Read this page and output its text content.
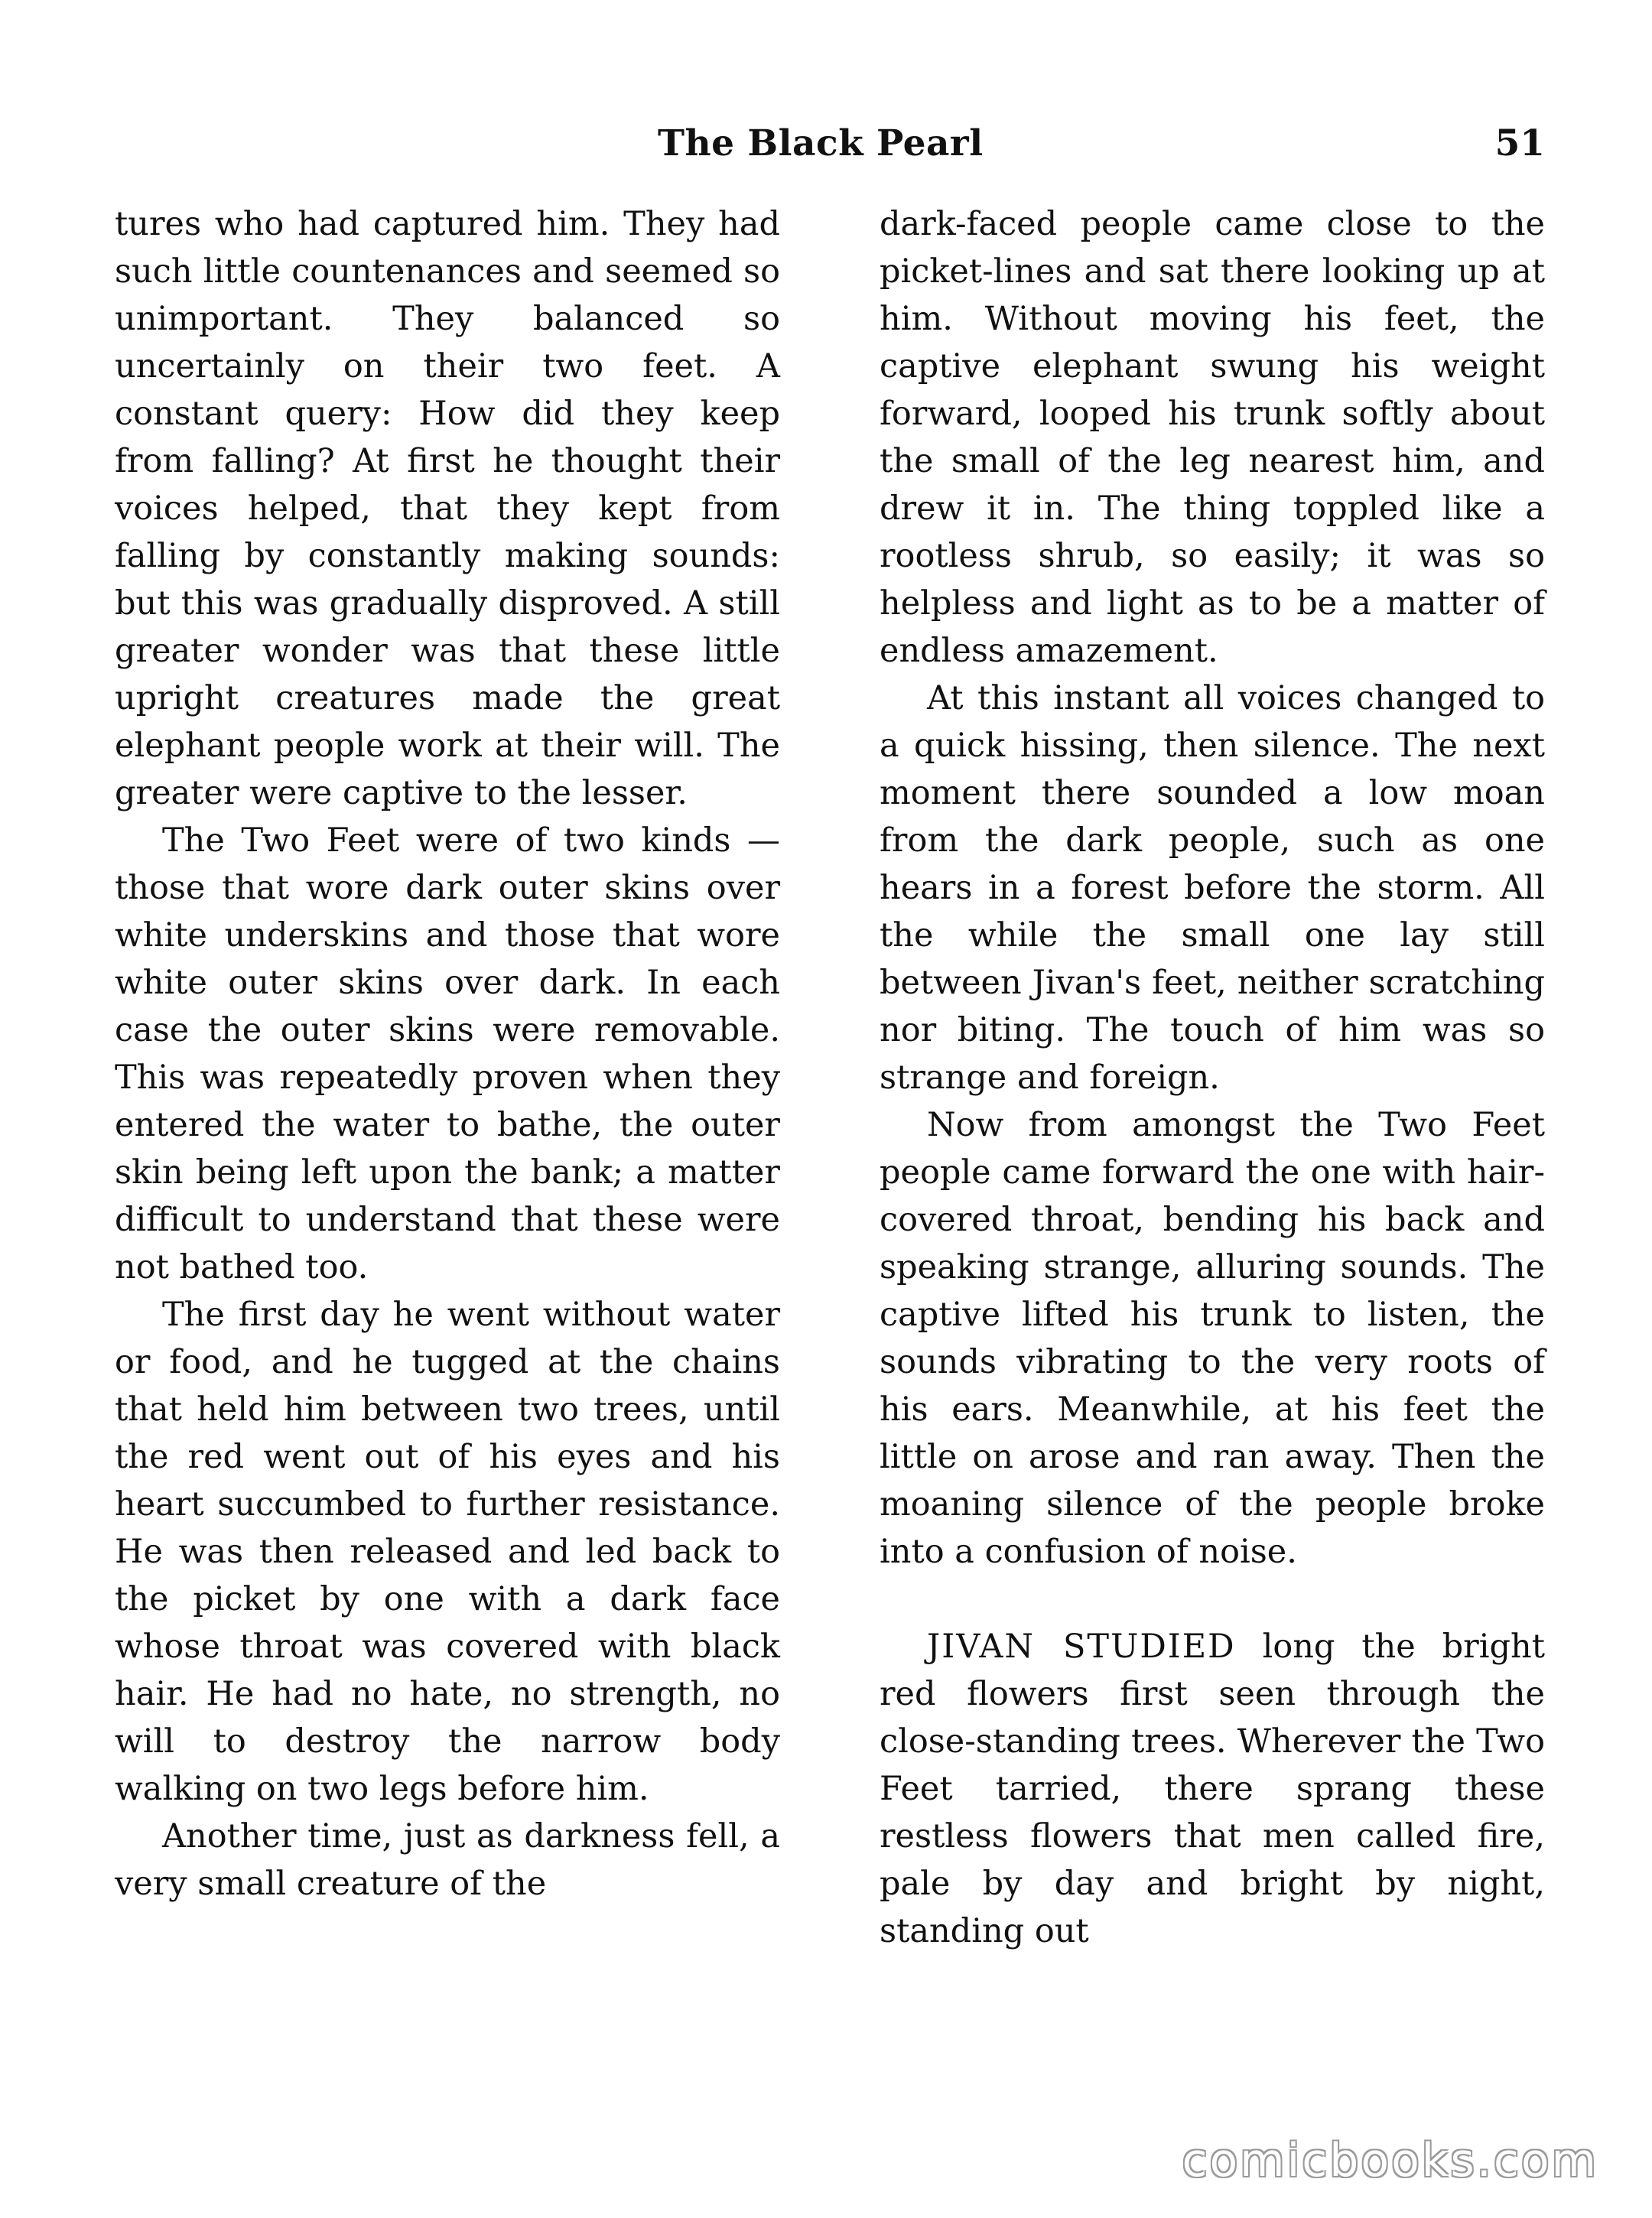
The Black Pearl	51

tures who had captured him. They had such little countenances and seemed so unimportant. They balanced so uncertainly on their two feet. A constant query: How did they keep from falling? At first he thought their voices helped, that they kept from falling by constantly making sounds: but this was gradually disproved. A still greater wonder was that these little upright creatures made the great elephant people work at their will. The greater were captive to the lesser.

The Two Feet were of two kinds — those that wore dark outer skins over white underskins and those that wore white outer skins over dark. In each case the outer skins were removable. This was repeatedly proven when they entered the water to bathe, the outer skin being left upon the bank; a matter difficult to understand that these were not bathed too.

The first day he went without water or food, and he tugged at the chains that held him between two trees, until the red went out of his eyes and his heart succumbed to further resistance. He was then released and led back to the picket by one with a dark face whose throat was covered with black hair. He had no hate, no strength, no will to destroy the narrow body walking on two legs before him.

Another time, just as darkness fell, a very small creature of the

dark-faced people came close to the picket-lines and sat there looking up at him. Without moving his feet, the captive elephant swung his weight forward, looped his trunk softly about the small of the leg nearest him, and drew it in. The thing toppled like a rootless shrub, so easily; it was so helpless and light as to be a matter of endless amazement.

At this instant all voices changed to a quick hissing, then silence. The next moment there sounded a low moan from the dark people, such as one hears in a forest before the storm. All the while the small one lay still between Jivan's feet, neither scratching nor biting. The touch of him was so strange and foreign.

Now from amongst the Two Feet people came forward the one with hair-covered throat, bending his back and speaking strange, alluring sounds. The captive lifted his trunk to listen, the sounds vibrating to the very roots of his ears. Meanwhile, at his feet the little on arose and ran away. Then the moaning silence of the people broke into a confusion of noise.

JIVAN STUDIED long the bright red flowers first seen through the close-standing trees. Wherever the Two Feet tarried, there sprang these restless flowers that men called fire, pale by day and bright by night, standing out

comicbooks.com
